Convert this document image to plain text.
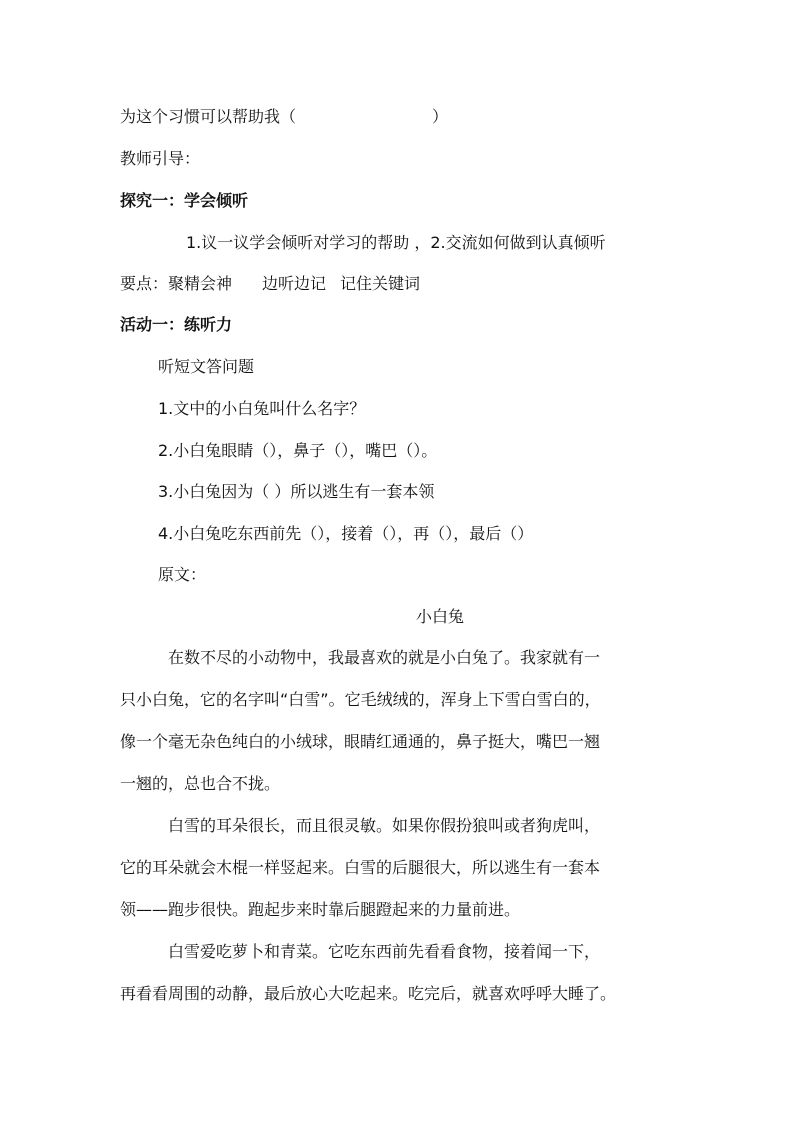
为这个习惯可以帮助我（	）
教师引导：
探究一：学会倾听
1.议一议学会倾听对学习的帮助 ，2.交流如何做到认真倾听
要点：聚精会神 边听边记 记住关键词
活动一：练听力
听短文答问题
1.文中的小白兔叫什么名字？
2.小白兔眼睛（），鼻子（），嘴巴（）。
3.小白兔因为（ ）所以逃生有一套本领
4.小白兔吃东西前先（），接着（），再（），最后（）
原文：
小白兔
在数不尽的小动物中，我最喜欢的就是小白兔了。我家就有一
只小白兔，它的名字叫“白雪”。它毛绒绒的，浑身上下雪白雪白的，
像一个毫无杂色纯白的小绒球，眼睛红通通的，鼻子挺大，嘴巴一翘
一翘的，总也合不拢。
白雪的耳朵很长，而且很灵敏。如果你假扮狼叫或者狗虎叫，
它的耳朵就会木棍一样竖起来。白雪的后腿很大，所以逃生有一套本
领——跑步很快。跑起步来时靠后腿蹬起来的力量前进。
白雪爱吃萝卜和青菜。它吃东西前先看看食物，接着闻一下，
再看看周围的动静，最后放心大吃起来。吃完后，就喜欢呼呼大睡了。
